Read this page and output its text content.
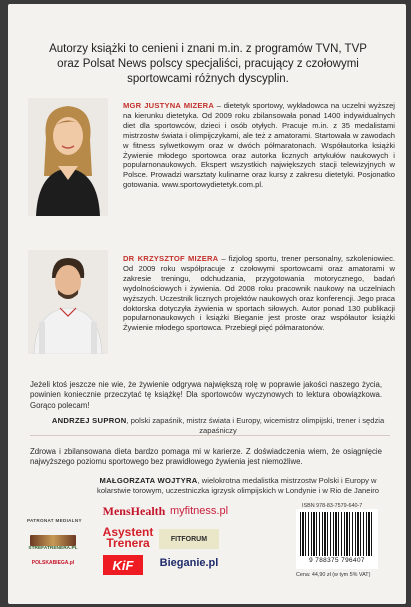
Autorzy książki to cenieni i znani m.in. z programów TVN, TVP oraz Polsat News polscy specjaliści, pracujący z czołowymi sportowcami różnych dyscyplin.
MGR JUSTYNA MIZERA – dietetyk sportowy, wykładowca na uczelni wyższej na kierunku dietetyka. Od 2009 roku zbilansowała ponad 1400 indywidualnych diet dla sportowców, dzieci i osób otyłych. Pracuje m.in. z 35 medalistami mistrzostw świata i olimpijczykami, ale też z amatorami. Startowała w zawodach w fitness sylwetkowym oraz w dwóch półmaratonach. Współautorka książki Żywienie młodego sportowca oraz autorka licznych artykułów naukowych i popularnonaukowych. Ekspert wszystkich największych stacji telewizyjnych w Polsce. Prowadzi warsztaty kulinarne oraz kursy z zakresu dietetyki. Posjonatko gotowania. www.sportowydietetyk.com.pl.
DR KRZYSZTOF MIZERA – fizjolog sportu, trener personalny, szkoleniowiec. Od 2009 roku współpracuje z czołowymi sportowcami oraz amatorami w zakresie treningu, odchudzania, przygotowania motorycznego, badań wydolnościowych i żywienia. Od 2008 roku pracownik naukowy na uczelniach wyższych. Uczestnik licznych projektów naukowych oraz konferencji. Jego praca doktorska dotyczyła żywienia w sportach siłowych. Autor ponad 130 publikacji popularnonaukowych i książki Bieganie jest proste oraz współautor książki Żywienie młodego sportowca. Przebiegł pięć półmaratonów.
Jeżeli ktoś jeszcze nie wie, że żywienie odgrywa największą rolę w poprawie jakości naszego życia, powinien koniecznie przeczytać tę książkę! Dla sportowców wyczynowych to lektura obowiązkowa. Gorąco polecam!
ANDRZEJ SUPRON, polski zapaśnik, mistrz świata i Europy, wicemistrz olimpijski, trener i sędzia zapaśniczy
Zdrowa i zbilansowana dieta bardzo pomaga mi w karierze. Z doświadczenia wiem, że osiągnięcie najwyższego poziomu sportowego bez prawidłowego żywienia jest niemożliwe.
MAŁGORZATA WOJTYRA, wielokrotna medalistka mistrzostw Polski i Europy w kolarstwie torowym, uczestniczka igrzysk olimpijskich w Londynie i w Rio de Janeiro
PATRONAT MEDIALNY
MensHealth myfitness.pl
STREFATRENERA.PL
Asystent
Trenera	FITFORUM
POLSKABIEGA.pl	KiF	Bieganie.pl
ISBN 978-83-7579-640-7
9 788375 796407
Cena: 44,90 zł (w tym 5% VAT)
